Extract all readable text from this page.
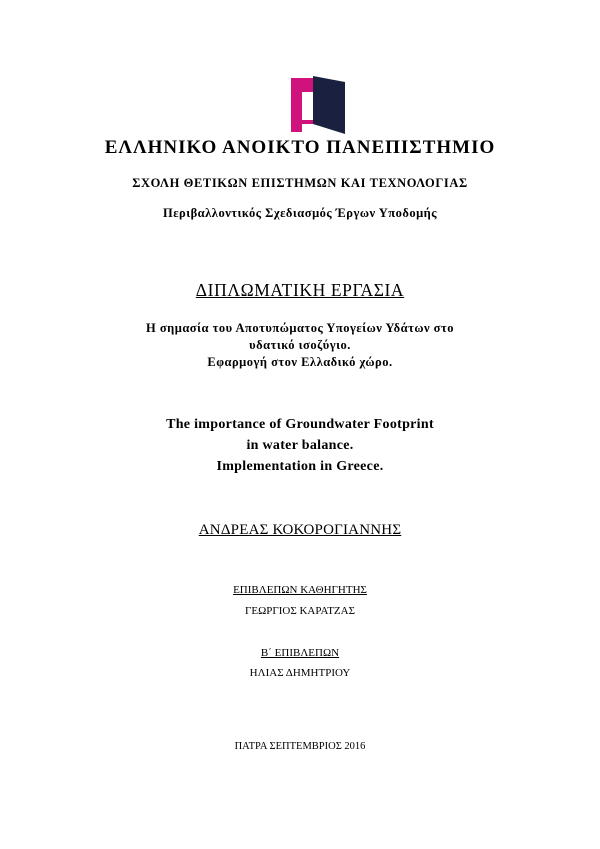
ΕΛΛΗΝΙΚΟ ΑΝΟΙΚΤΟ ΠΑΝΕΠΙΣΤΗΜΙΟ
ΣΧΟΛΗ ΘΕΤΙΚΩΝ ΕΠΙΣΤΗΜΩΝ ΚΑΙ ΤΕΧΝΟΛΟΓΙΑΣ
Περιβαλλοντικός Σχεδιασμός Έργων Υποδομής
ΔΙΠΛΩΜΑΤΙΚΗ ΕΡΓΑΣΙΑ
Η σημασία του Αποτυπώματος Υπογείων Υδάτων στο
υδατικό ισοζύγιο.
Εφαρμογή στον Ελλαδικό χώρο.
The importance of Groundwater Footprint
in water balance.
Implementation in Greece.
ΑΝΔΡΕΑΣ ΚΟΚΟΡΟΓΙΑΝΝΗΣ
ΕΠΙΒΛΕΠΩΝ ΚΑΘΗΓΗΤΗΣ
ΓΕΩΡΓΙΟΣ ΚΑΡΑΤΖΑΣ
Β΄ ΕΠΙΒΛΕΠΩΝ
ΗΛΙΑΣ ΔΗΜΗΤΡΙΟΥ
ΠΑΤΡΑ ΣΕΠΤΕΜΒΡΙΟΣ 2016
